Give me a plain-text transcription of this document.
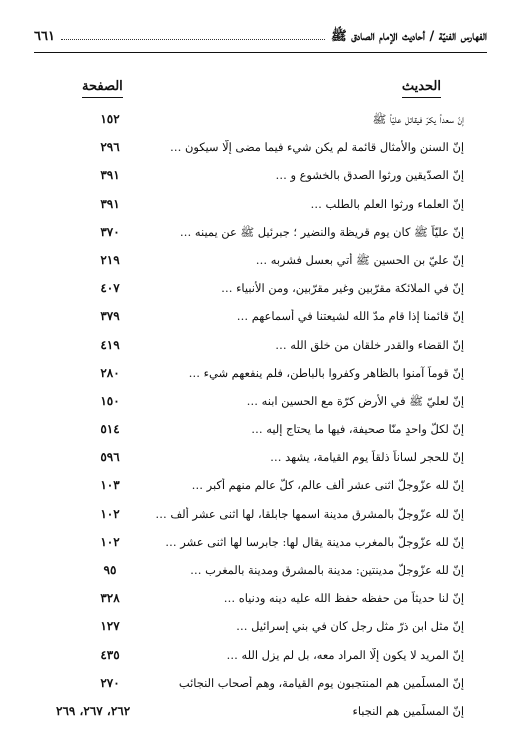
الفهارس الفنيّة / أحاديث الإمام الصادق ﷺ
٦٦١
الحديث
الصفحة
إنّ سعداً يكرّ فيقاتل عليّاً ﷺ
١٥٢
إنّ السنن والأمثال قائمة لم يكن شيء فيما مضى إلّا سيكون …
٢٩٦
إنّ الصدّيقين ورثوا الصدق بالخشوع و …
٣٩١
إنّ العلماء ورثوا العلم بالطلب …
٣٩١
إنّ عليّاً ﷺ كان يوم قريظة والنضير ؛ جبرئيل ﷺ عن يمينه …
٣٧٠
إنّ عليّ بن الحسين ﷺ أُتي بعسل فشربه …
٢١٩
إنّ في الملائكة مقرّبين وغير مقرّبين، ومن الأنبياء …
٤٠٧
إنّ قائمنا إذا قام مدّ الله لشيعتنا في أسماعهم …
٣٧٩
إنّ القضاء والقدر خلقان من خلق الله …
٤١٩
إنّ قوماً آمنوا بالظاهر وكفروا بالباطن، فلم ينفعهم شيء …
٢٨٠
إنّ لعليّ ﷺ في الأرض كرّة مع الحسين ابنه …
١٥٠
إنّ لكلّ واحدٍ منّا صحيفة، فيها ما يحتاج إليه …
٥١٤
إنّ للحجر لساناً ذلقاً يوم القيامة، يشهد …
٥٩٦
إنّ لله عزّوجلّ اثنى عشر ألف عالم، كلّ عالم منهم أكبر …
١٠٣
إنّ لله عزّوجلّ بالمشرق مدينة اسمها جابلقا، لها اثنى عشر ألف …
١٠٢
إنّ لله عزّوجلّ بالمغرب مدينة يقال لها: جابرسا لها اثنى عشر …
١٠٢
إنّ لله عزّوجلّ مدينتين: مدينة بالمشرق ومدينة بالمغرب …
٩٥
إنّ لنا حديثاً من حفظه حفظ الله عليه دينه ودنياه …
٣٢٨
إنّ مثل ابن ذرّ مثل رجل كان في بني إسرائيل …
١٢٧
إنّ المريد لا يكون إلّا المراد معه، بل لم يزل الله …
٤٣٥
إنّ المسلّمين هم المنتجبون يوم القيامة، وهم أصحاب النجائب
٢٧٠
إنّ المسلّمين هم النجباء
٢٦٢، ٢٦٧، ٢٦٩
